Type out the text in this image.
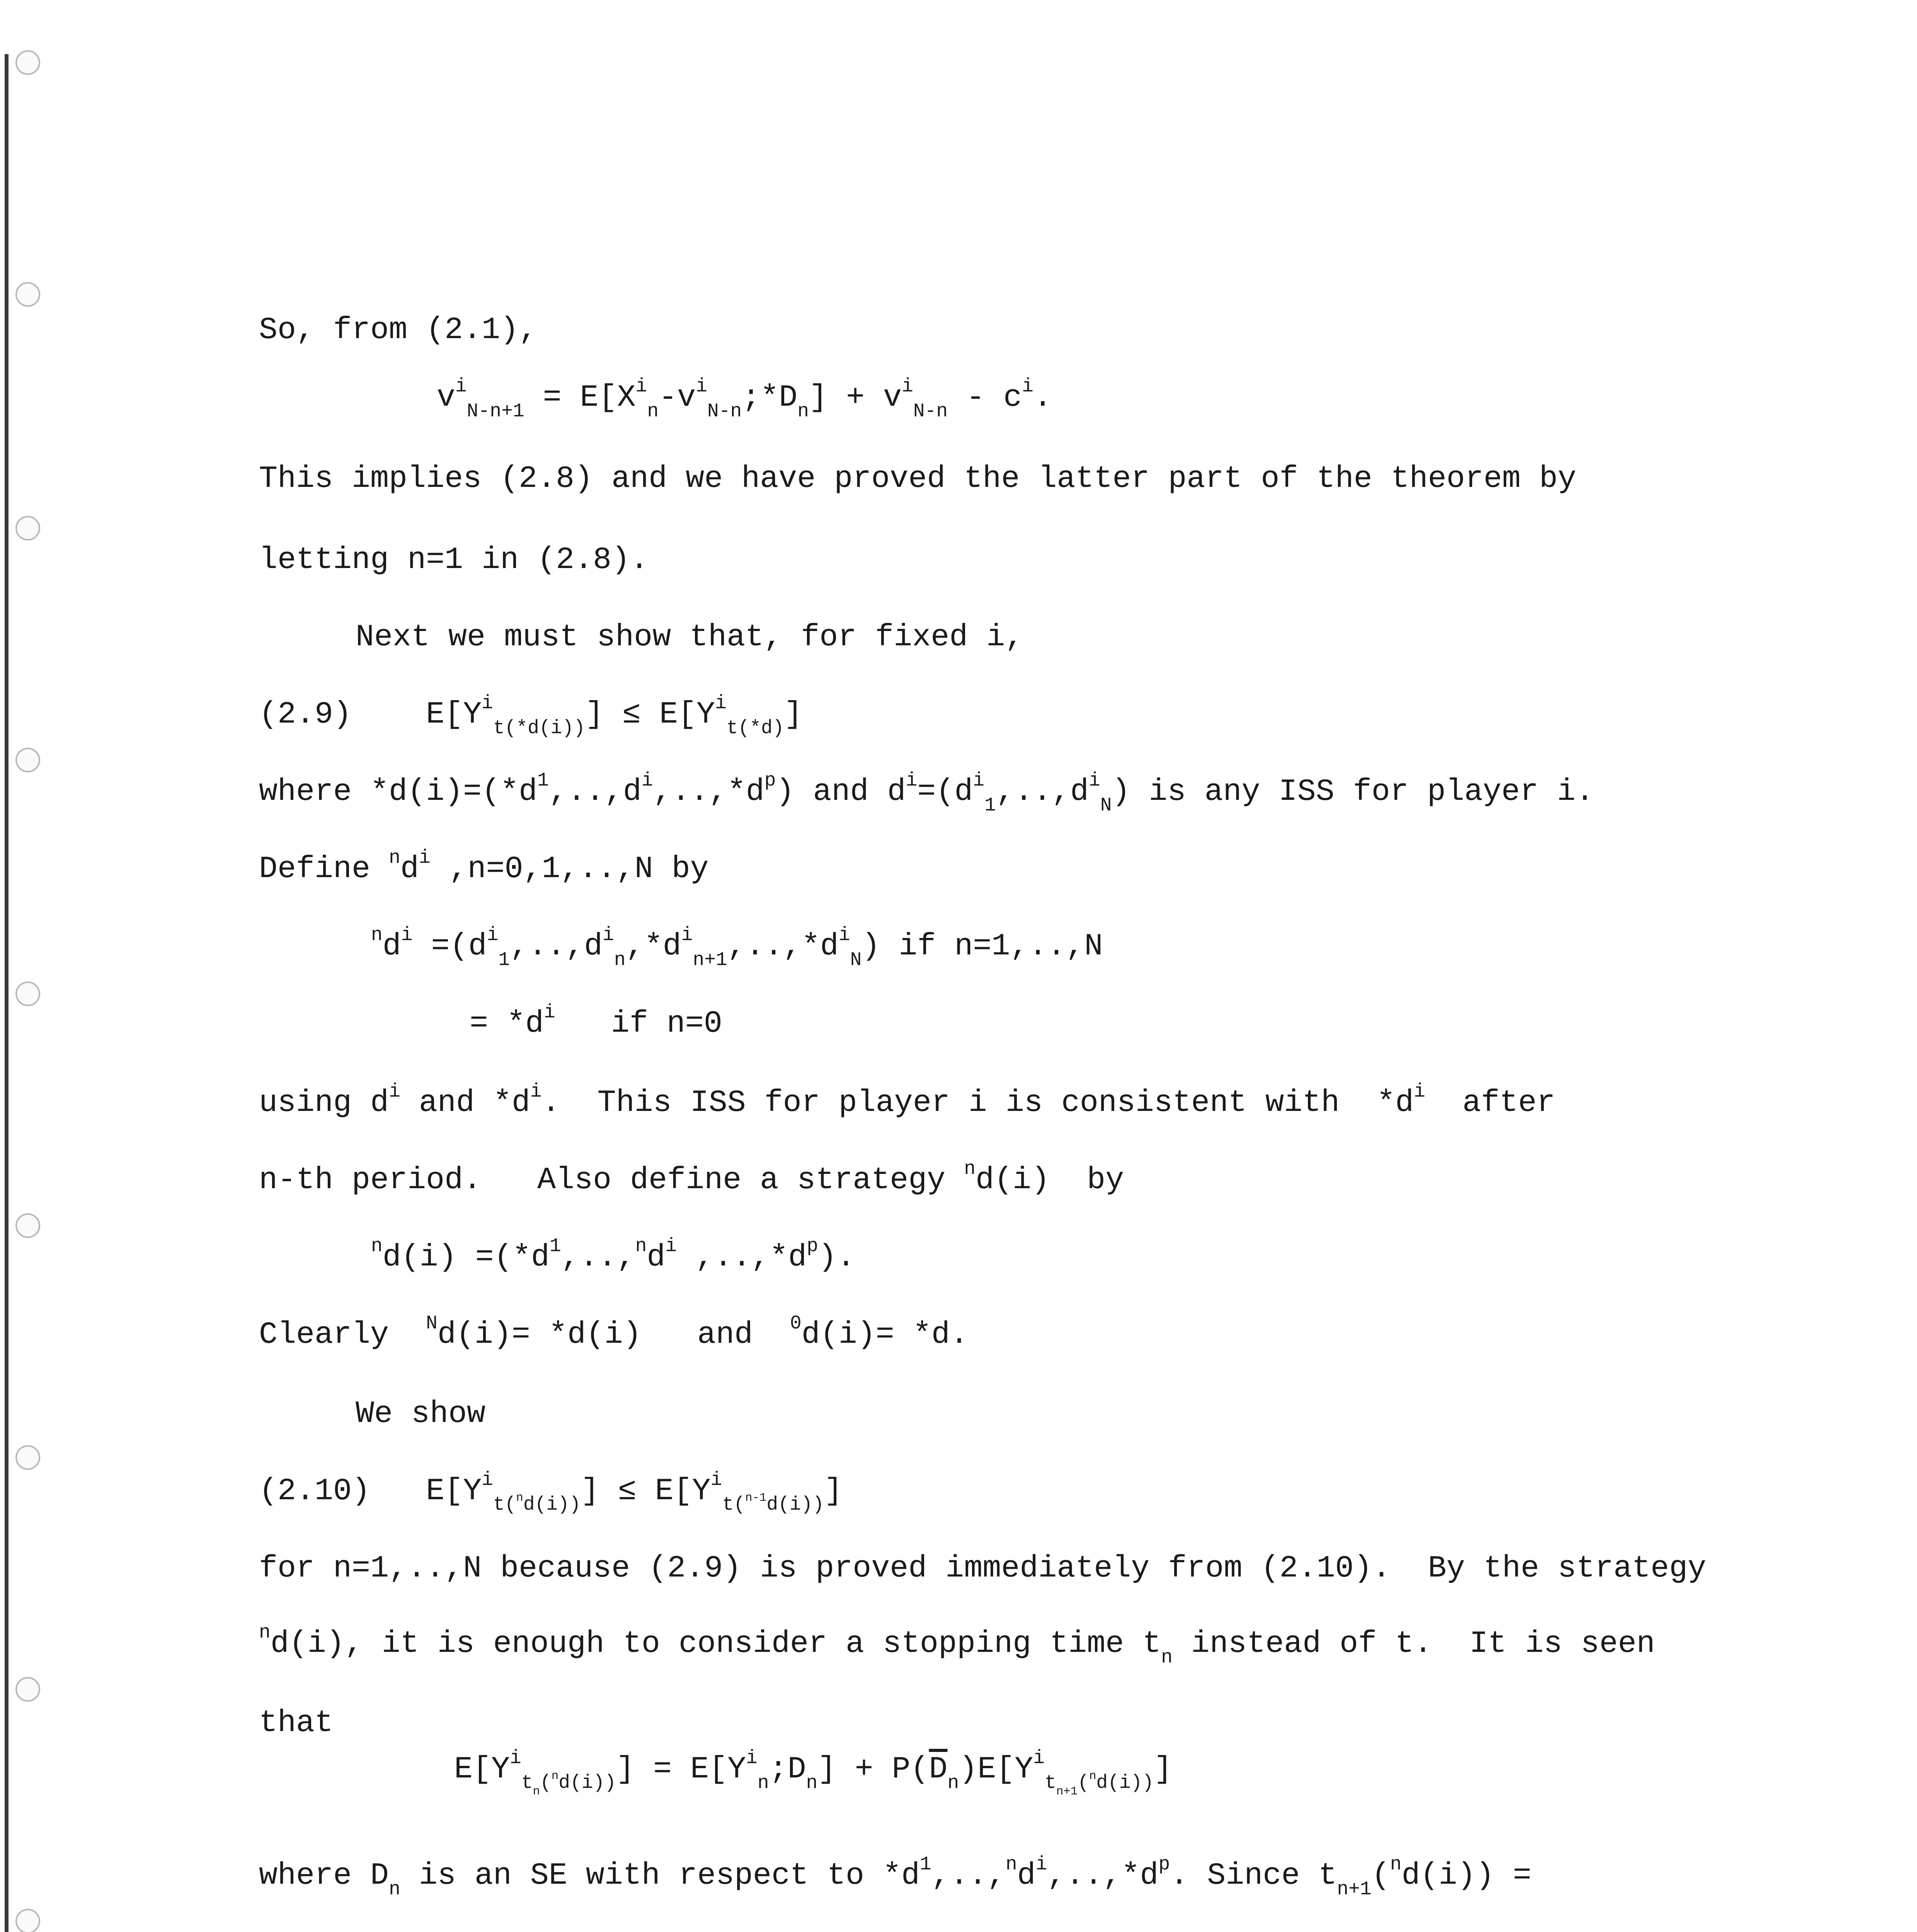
So, from (2.1),
$v^i_{N-n+1}$ = $E[X^i_n-v^i_{N-n};*D_n] + v^i_{N-n} - c^i$.
This implies (2.8) and we have proved the latter part of the theorem by
letting n=1 in (2.8).
Next we must show that, for fixed i,
(2.9) $E[Y^i_{t(*d(i))}] \le E[Y^i_{t(*d)}]$
where $*d(i)=(*d^1,..,d^i,..,*d^p)$ and $d^i=(d^i_1,..,d^i_N)$ is any ISS for player i.
Define $^nd^i$ ,n=0,1,..,N by
$^nd^i =(d^i_1,..,d^i_n,*d^i_{n+1},..,*d^i_N)$ if n=1,..,N
= $*d^i$   if n=0
using $d^i$ and $*d^i$.  This ISS for player i is consistent with  $*d^i$  after
n-th period.   Also define a strategy $^n$d(i)  by
$^nd(i) =(*d^1,..,^nd^i$ $,..,*d^p$).
Clearly  $^N$d(i)= *d(i)   and  $^0$d(i)= *d.
We show
(2.10) $E[Y^i_{t(^nd(i))}] \le E[Y^i_{t(^{n-1}d(i))}]$
for n=1,..,N because (2.9) is proved immediately from (2.10).  By the strategy
$^n$d(i), it is enough to consider a stopping time $t_n$ instead of t.  It is seen
that
$E[Y^i_{t_n(^nd(i))}]$ = $E[Y^i_n;D_n] + P(\overline{D}_n)E[Y^i_{t_{n+1}(^nd(i))}]$
where $D_n$ is an SE with respect to $*d^1,..,^nd^i,..,*d^p$. Since $t_{n+1}(^nd(i))$ =
